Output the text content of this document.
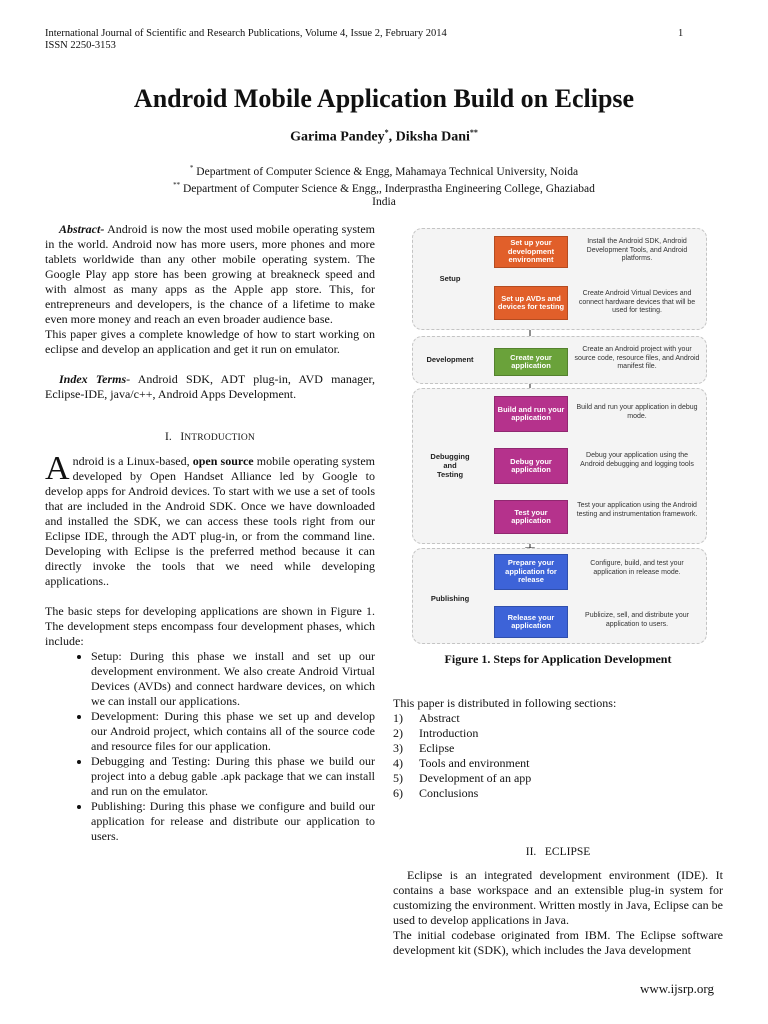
International Journal of Scientific and Research Publications, Volume 4, Issue 2, February 2014
ISSN 2250-3153
1
Android Mobile Application Build on Eclipse
Garima Pandey*, Diksha Dani**
* Department of Computer Science & Engg, Mahamaya Technical University, Noida
** Department of Computer Science & Engg,, Inderprastha Engineering College, Ghaziabad
India

Abstract- Android is now the most used mobile operating system in the world. Android now has more users, more phones and more tablets worldwide than any other mobile operating system. The Google Play app store has been growing at breakneck speed and with almost as many apps as the Apple app store. This, for entrepreneurs and developers, is the chance of a lifetime to make even more money and reach an even broader audience base.

This paper gives a complete knowledge of how to start working on eclipse and develop an application and get it run on emulator.

Index Terms- Android SDK, ADT plug-in, AVD manager, Eclipse-IDE, java/c++, Android Apps Development.

I. INTRODUCTION

Android is a Linux-based, open source mobile operating system developed by Open Handset Alliance led by Google to develop apps for Android devices. To start with we use a set of tools that are included in the Android SDK. Once we have downloaded and installed the SDK, we can access these tools right from our Eclipse IDE, through the ADT plug-in, or from the command line. Developing with Eclipse is the preferred method because it can directly invoke the tools that we need while developing applications..

The basic steps for developing applications are shown in Figure 1. The development steps encompass four development phases, which include:

• Setup: During this phase we install and set up our development environment. We also create Android Virtual Devices (AVDs) and connect hardware devices, on which we can install our applications.
• Development: During this phase we set up and develop our Android project, which contains all of the source code and resource files for our application.
• Debugging and Testing: During this phase we build our project into a debug gable .apk package that we can install and run on the emulator.
• Publishing: During this phase we configure and build our application for release and distribute our application to users.
Setup
Development
Debugging
and
Testing
Publishing
Set up your development environment
Set up AVDs and devices for testing
Create your application
Build and run your application
Debug your application
Test your application
Prepare your application for release
Release your application
Install the Android SDK, Android Development Tools, and Android platforms.
Create Android Virtual Devices and connect hardware devices that will be used for testing.
Create an Android project with your source code, resource files, and Android manifest file.
Build and run your application in debug mode.
Debug your application using the Android debugging and logging tools
Test your application using the Android testing and instrumentation framework.
Configure, build, and test your application in release mode.
Publicize, sell, and distribute your application to users.
Figure 1. Steps for Application Development

This paper is distributed in following sections:

1) Abstract
2) Introduction
3) Eclipse
4) Tools and environment
5) Development of an app
6) Conclusions

II.   ECLIPSE

Eclipse is an integrated development environment (IDE). It contains a base workspace and an extensible plug-in system for customizing the environment. Written mostly in Java, Eclipse can be used to develop applications in Java.

The initial codebase originated from IBM. The Eclipse software development kit (SDK), which includes the Java development

www.ijsrp.org
